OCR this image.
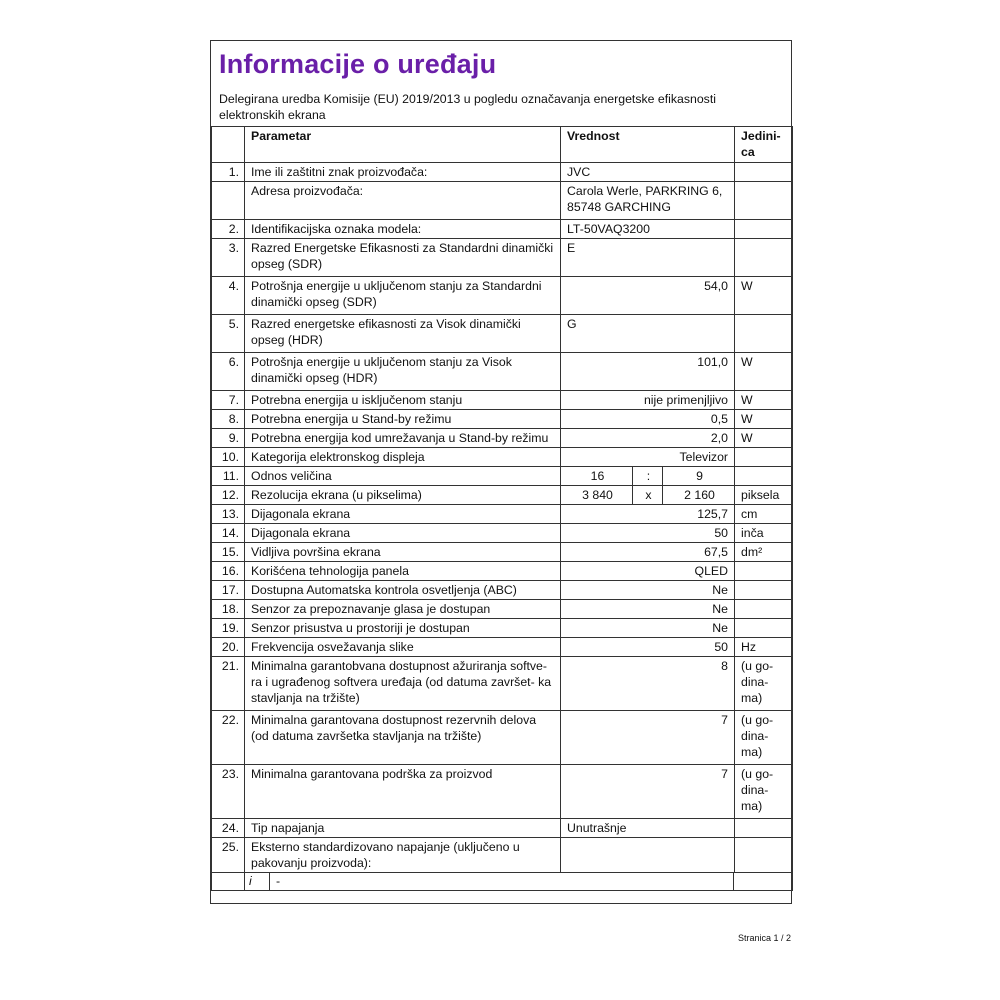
Informacije o uređaju
Delegirana uredba Komisije (EU) 2019/2013 u pogledu označavanja energetske efikasnosti elektronskih ekrana
	Parametar	Vrednost			Jedini-
ca
1.	Ime ili zaštitni znak proizvođača:	JVC			
	Adresa proizvođača:	Carola Werle, PARKRING 6, 85748 GARCHING			
2.	Identifikacijska oznaka modela:	LT-50VAQ3200			
3.	Razred Energetske Efikasnosti za Standardni dinamički opseg (SDR)	E			
4.	Potrošnja energije u uključenom stanju za Standardni dinamički opseg (SDR)	54,0			W
5.	Razred energetske efikasnosti za Visok dinamički opseg (HDR)	G			
6.	Potrošnja energije u uključenom stanju za Visok dinamički opseg (HDR)	101,0			W
7.	Potrebna energija u isključenom stanju	nije primenjljivo			W
8.	Potrebna energija u Stand-by režimu	0,5			W
9.	Potrebna energija kod umrežavanja u Stand-by režimu	2,0			W
10.	Kategorija elektronskog displeja	Televizor			
11.	Odnos veličina	16	:	9	
12.	Rezolucija ekrana (u pikselima)	3 840	x	2 160	piksela
13.	Dijagonala ekrana	125,7			cm
14.	Dijagonala ekrana	50			inča
15.	Vidljiva površina ekrana	67,5			dm²
16.	Korišćena tehnologija panela	QLED			
17.	Dostupna Automatska kontrola osvetljenja (ABC)	Ne			
18.	Senzor za prepoznavanje glasa je dostupan	Ne			
19.	Senzor prisustva u prostoriji je dostupan	Ne			
20.	Frekvencija osvežavanja slike	50			Hz
21.	Minimalna garantobvana dostupnost ažuriranja softve-ra i ugrađenog softvera uređaja (od datuma završet- ka stavljanja na tržište)	8			(u go-
dina-
ma)
22.	Minimalna garantovana dostupnost rezervnih delova (od datuma završetka stavljanja na tržište)	7			(u go-
dina-
ma)
23.	Minimalna garantovana podrška za proizvod	7			(u go-
dina-
ma)
24.	Tip napajanja	Unutrašnje			
25.	Eksterno standardizovano napajanje (uključeno u pakovanju proizvoda):				

	i -				
Stranica 1 / 2
